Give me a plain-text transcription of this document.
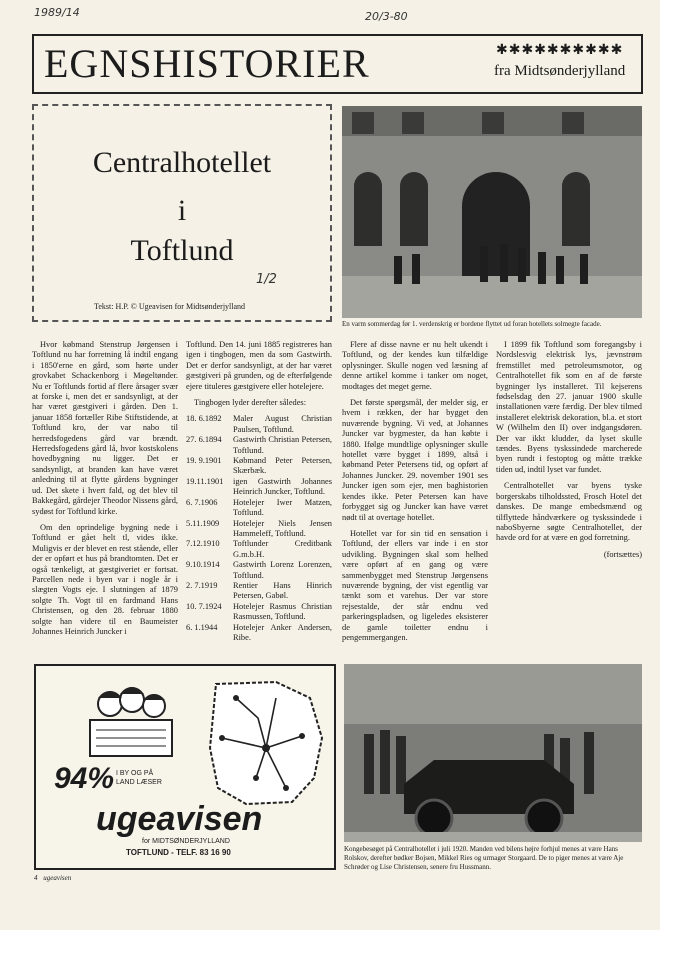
1989/14	20/3-80
EGNSHISTORIER	✱✱✱✱✱✱✱✱✱✱
fra Midtsønderjylland
Centralhotellet
i
Toftlund
1/2
Tekst: H.P. © Ugeavisen for Midtsønderjylland
En varm sommerdag før 1. verdenskrig er bordene flyttet ud foran hotellets solmegte facade.

Hvor købmand Stenstrup Jørgensen i Toftlund nu har forretning lå indtil engang i 1850'erne en gård, som hørte under grovkabet Schackenborg i Møgeltønder. Nu er Toftlunds fortid af flere årsager svær at forske i, men det er sandsynligt, at der har været gæstgiveri i gården. Den 1. januar 1858 fortæller Ribe Stiftstidende, at Toftlund kro, der var nabo til herredsfogedens gård var brændt. Herredsfogedens gård lå, hvor kostskolens hovedbygning nu ligger. Det er sandsynligt, at branden kan have været anledning til at flytte gårdens bygninger ud. Det skete i hvert fald, og det blev til Bakkegård, gårdejer Theodor Nissens gård, sydøst for Toftlund kirke.

Om den oprindelige bygning nede i Toftlund er gået helt tl, vides ikke. Muligvis er der blevet en rest stående, eller der er opført et hus på brandtomten. Det er også tænkeligt, at gæstgiveriet er fortsat. Parcellen nede i byen var i nogle år i slægten Vogts eje. I slutningen af 1879 solgte Th. Vogt til en fardmand Hans Christensen, og den 28. februar 1880 solgte han videre til en Baumeister Johannes Heinrich Juncker i

Toftlund. Den 14. juni 1885 registreres han igen i tingbogen, men da som Gastwirth. Det er derfor sandsynligt, at der har været gæstgiveri på grunden, og de efterfølgende ejere tituleres gæstgivere eller hotelejere.

Tingbogen lyder derefter således:

18. 6.1892	Maler August Christian Paulsen, Toftlund.
27. 6.1894	Gastwirth Christian Petersen, Toftlund.
19. 9.1901	Købmand Peter Petersen, Skærbæk.
19.11.1901	igen Gastwirth Johannes Heinrich Juncker, Toftlund.
6. 7.1906	Hotelejer Iwer Matzen, Toftlund.
5.11.1909	Hotelejer Niels Jensen Hammeleff, Toftlund.
7.12.1910	Toftlunder Creditbank G.m.b.H.
9.10.1914	Gastwirth Lorenz Lorenzen, Toftlund.
2. 7.1919	Rentier Hans Hinrich Petersen, Gabøl.
10. 7.1924	Hotelejer Rasmus Christian Rasmussen, Toftlund.
6. 1.1944	Hotelejer Anker Andersen, Ribe.

Flere af disse navne er nu helt ukendt i Toftlund, og der kendes kun tilfældige oplysninger. Skulle nogen ved læsning af denne artikel komme i tanker om noget, modtages det meget gerne.

Det første spørgsmål, der melder sig, er hvem i rækken, der har bygget den nuværende bygning. Vi ved, at Johannes Juncker var bygmester, da han købte i 1880. Ifølge mundtlige oplysninger skulle hotellet være bygget i 1899, altså i købmand Peter Petersens tid, og opført af Johannes Juncker. 29. november 1901 ses Juncker igen som ejer, men baghistorien kendes ikke. Peter Petersen kan have forbygget sig og Juncker kan have været nødt til at overtage hotellet.

Hotellet var for sin tid en sensation i Toftlund, der ellers var inde i en stor udvikling. Bygningen skal som helhed være opført af en gang og være sammenbygget med Stenstrup Jørgensens nuværende bygning, der vist egentlig var tænkt som et varehus. Der var store rejsestalde, der står endnu ved parkeringspladsen, og ligeledes eksisterer de gamle toiletter endnu i pengemmergangen.

I 1899 fik Toftlund som foregangsby i Nordslesvig elektrisk lys, jævnstrøm fremstillet med petroleumsmotor, og Centralhotellet fik som en af de første bygninger lys installeret. Til kejserens fødselsdag den 27. januar 1900 skulle installationen være færdig. Der blev tilmed installeret elektrisk dekoration, bl.a. et stort W (Wilhelm den II) over indgangsdøren. Der var ikkt kludder, da lyset skulle tændes. Byens tyskssindede marcherede byen rundt i festoptog og måtte trække tiden ud, indtil lyset var fundet.

Centralhotellet var byens tyske borgerskabs tilholdssted, Frosch Hotel det danskes. De mange embedsmænd og tilflyttede håndværkere og tyskssindede i naboSbyerne søgte Centralhotellet, der havde ord for at være en god forretning.

(fortsættes)
94% I BY OG PÅ
LAND LÆSER
ugeavisen
for MIDTSØNDERJYLLAND
TOFTLUND - TELF. 83 16 90	Kongebesøget på Centralhotellet i juli 1920. Manden ved bilens højre forhjul menes at være Hans Rolskov, derefter bødker Bojsen, Mikkel Ries og urmager Storgaard. De to piger menes at være Aje Schrøder og Lise Christensen, senere fru Hussmann.
4 ugeavisen
